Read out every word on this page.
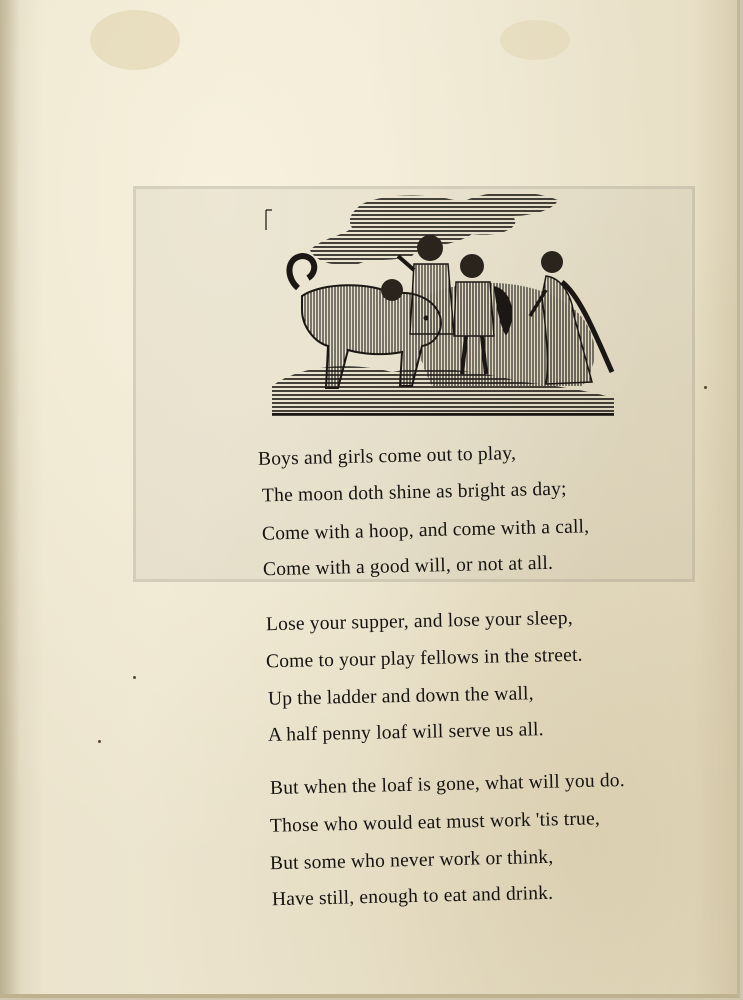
Boys and girls come out to play,

The moon doth shine as bright as day;

Come with a hoop, and come with a call,

Come with a good will, or not at all.

Lose your supper, and lose your sleep,

Come to your play fellows in the street.

Up the ladder and down the wall,

A half penny loaf will serve us all.

But when the loaf is gone, what will you do.

Those who would eat must work 'tis true,

But some who never work or think,

Have still, enough to eat and drink.
